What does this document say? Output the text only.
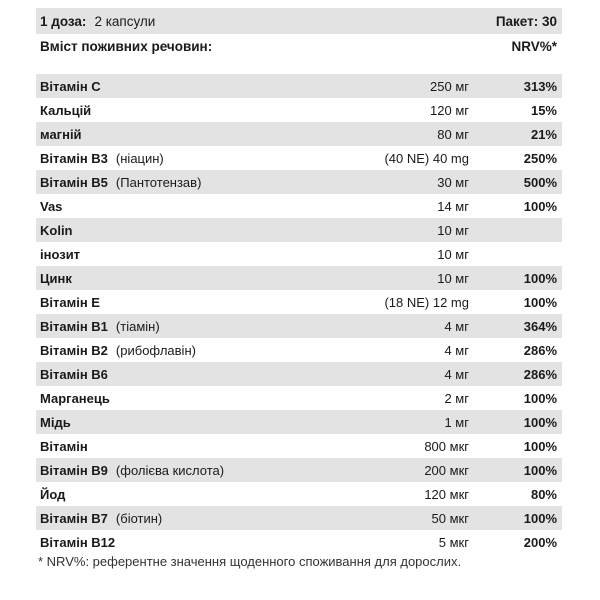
1 доза: 2 капсули	Пакет: 30
Вміст поживних речовин:	NRV%*
Вітамін C	250 мг	313%
Кальцій	120 мг	15%
магній	80 мг	21%
Вітамін B3 (ніацин)	(40 NE) 40 mg	250%
Вітамін B5 (Пантотензав)	30 мг	500%
Vas	14 мг	100%
Kolin	10 мг
інозит	10 мг
Цинк	10 мг	100%
Вітамін E	(18 NE) 12 mg	100%
Вітамін B1 (тіамін)	4 мг	364%
Вітамін B2 (рибофлавін)	4 мг	286%
Вітамін B6	4 мг	286%
Марганець	2 мг	100%
Мідь	1 мг	100%
Вітамін	800 мкг	100%
Вітамін B9 (фолієва кислота)	200 мкг	100%
Йод	120 мкг	80%
Вітамін B7 (біотин)	50 мкг	100%
Вітамін B12	5 мкг	200%
* NRV%: референтне значення щоденного споживання для дорослих.
